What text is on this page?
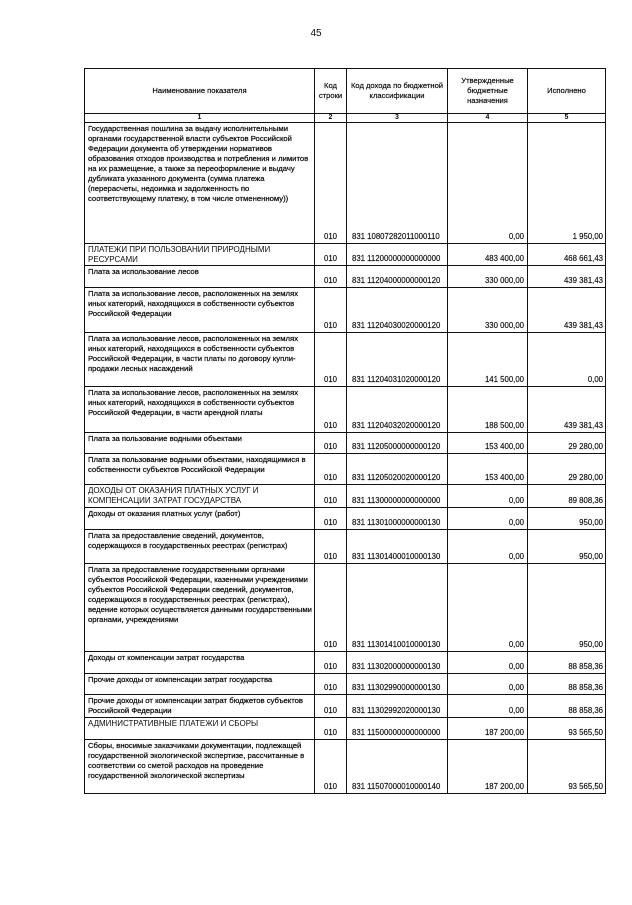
45
Наименование показателя	Код строки	Код дохода по бюджетной классификации	Утвержденные бюджетные назначения	Исполнено
1	2	3	4	5
Государственная пошлина за выдачу исполнительными органами государственной власти субъектов Российской Федерации документа об утверждении нормативов образования отходов производства и потребления и лимитов на их размещение, а также за переоформление и выдачу дубликата указанного документа (сумма платежа (перерасчеты, недоимка и задолженность по соответствующему платежу, в том числе отмененному))	010	831 10807282011000110	0,00	1 950,00
ПЛАТЕЖИ ПРИ ПОЛЬЗОВАНИИ ПРИРОДНЫМИ РЕСУРСАМИ	010	831 11200000000000000	483 400,00	468 661,43
Плата за использование лесов	010	831 11204000000000120	330 000,00	439 381,43
Плата за использование лесов, расположенных на землях иных категорий, находящихся в собственности субъектов Российской Федерации	010	831 11204030020000120	330 000,00	439 381,43
Плата за использование лесов, расположенных на землях иных категорий, находящихся в собственности субъектов Российской Федерации, в части платы по договору купли-продажи лесных насаждений	010	831 11204031020000120	141 500,00	0,00
Плата за использование лесов, расположенных на землях иных категорий, находящихся в собственности субъектов Российской Федерации, в части арендной платы	010	831 11204032020000120	188 500,00	439 381,43
Плата за пользование водными объектами	010	831 11205000000000120	153 400,00	29 280,00
Плата за пользование водными объектами, находящимися в собственности субъектов Российской Федерации	010	831 11205020020000120	153 400,00	29 280,00
ДОХОДЫ ОТ ОКАЗАНИЯ ПЛАТНЫХ УСЛУГ И КОМПЕНСАЦИИ ЗАТРАТ ГОСУДАРСТВА	010	831 11300000000000000	0,00	89 808,36
Доходы от оказания платных услуг (работ)	010	831 11301000000000130	0,00	950,00
Плата за предоставление сведений, документов, содержащихся в государственных реестрах (регистрах)	010	831 11301400010000130	0,00	950,00
Плата за предоставление государственными органами субъектов Российской Федерации, казенными учреждениями субъектов Российской Федерации сведений, документов, содержащихся в государственных реестрах (регистрах), ведение которых осуществляется данными государственными органами, учреждениями	010	831 11301410010000130	0,00	950,00
Доходы от компенсации затрат государства	010	831 11302000000000130	0,00	88 858,36
Прочие доходы от компенсации затрат государства	010	831 11302990000000130	0,00	88 858,36
Прочие доходы от компенсации затрат бюджетов субъектов Российской Федерации	010	831 11302992020000130	0,00	88 858,36
АДМИНИСТРАТИВНЫЕ ПЛАТЕЖИ И СБОРЫ	010	831 11500000000000000	187 200,00	93 565,50
Сборы, вносимые заказчиками документации, подлежащей государственной экологической экспертизе, рассчитанные в соответствии со сметой расходов на проведение государственной экологической экспертизы	010	831 11507000010000140	187 200,00	93 565,50
